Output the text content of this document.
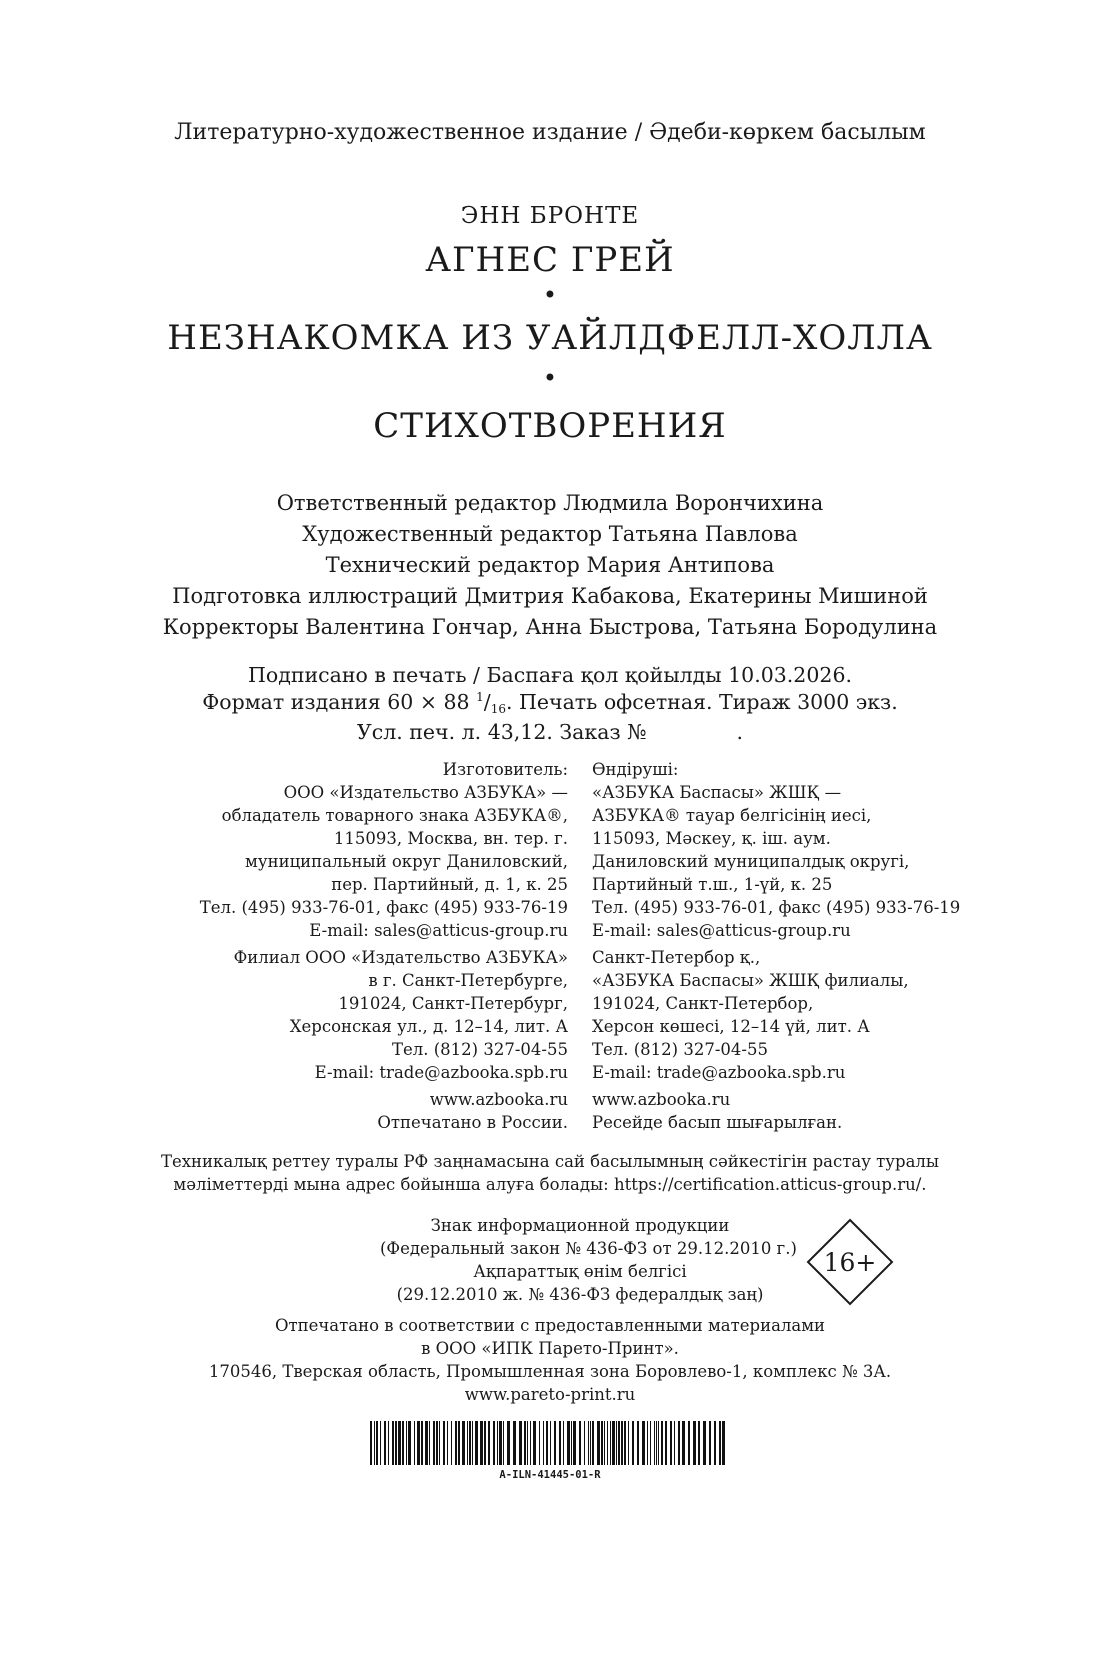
Литературно-художественное издание / Әдеби-көркем басылым
ЭНН БРОНТЕ
АГНЕС ГРЕЙ
•
НЕЗНАКОМКА ИЗ УАЙЛДФЕЛЛ-ХОЛЛА
•
СТИХОТВОРЕНИЯ
Ответственный редактор Людмила Ворончихина
Художественный редактор Татьяна Павлова
Технический редактор Мария Антипова
Подготовка иллюстраций Дмитрия Кабакова, Екатерины Мишиной
Корректоры Валентина Гончар, Анна Быстрова, Татьяна Бородулина
Подписано в печать / Баспаға қол қойылды 10.03.2026.
Формат издания 60 × 88 $^1$/16. Печать офсетная. Тираж 3000 экз.
Усл. печ. л. 43,12. Заказ №	.
Изготовитель:
ООО «Издательство АЗБУКА» —
обладатель товарного знака АЗБУКА®,
115093, Москва, вн. тер. г.
муниципальный округ Даниловский,
пер. Партийный, д. 1, к. 25
Тел. (495) 933-76-01, факс (495) 933-76-19
E-mail: sales@atticus-group.ru
Өндіруші:
«АЗБУКА Баспасы» ЖШҚ —
АЗБУКА® тауар белгісінің иесі,
115093, Мәскеу, қ. іш. аум.
Даниловский муниципалдық округі,
Партийный т.ш., 1-үй, к. 25
Тел. (495) 933-76-01, факс (495) 933-76-19
E-mail: sales@atticus-group.ru
Филиал ООО «Издательство АЗБУКА»
в г. Санкт-Петербурге,
191024, Санкт-Петербург,
Херсонская ул., д. 12–14, лит. А
Тел. (812) 327-04-55
E-mail: trade@azbooka.spb.ru
Санкт-Петербор қ.,
«АЗБУКА Баспасы» ЖШҚ филиалы,
191024, Санкт-Петербор,
Херсон көшесі, 12–14 үй, лит. А
Тел. (812) 327-04-55
E-mail: trade@azbooka.spb.ru
www.azbooka.ru
Отпечатано в России.
www.azbooka.ru
Ресейде басып шығарылған.
Техникалық реттеу туралы РФ заңнамасына сай басылымның сәйкестігін растау туралы
мәліметтерді мына адрес бойынша алуға болады: https://certification.atticus-group.ru/.
Знак информационной продукции
(Федеральный закон № 436-ФЗ от 29.12.2010 г.)
Ақпараттық өнім белгісі
(29.12.2010 ж. № 436-ФЗ федералдық заң)
16+
Отпечатано в соответствии с предоставленными материалами
в ООО «ИПК Парето-Принт».
170546, Тверская область, Промышленная зона Боровлево-1, комплекс № 3А.
www.pareto-print.ru
A-ILN-41445-01-R
